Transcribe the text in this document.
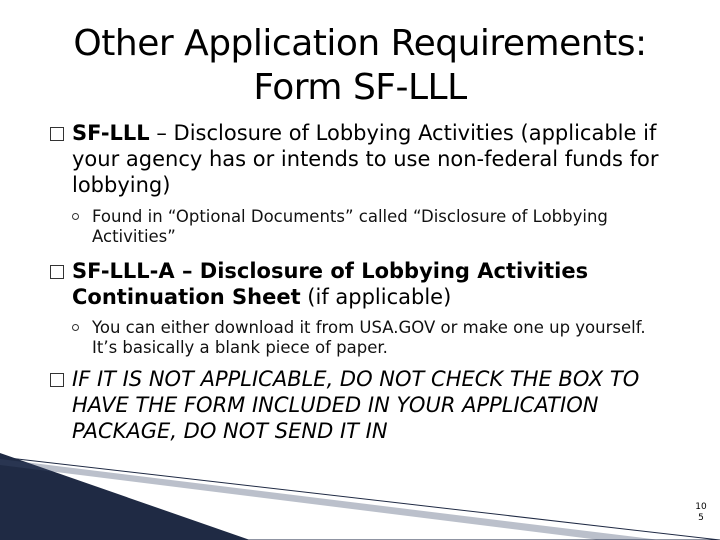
Other Application Requirements:
Form SF-LLL
SF-LLL – Disclosure of Lobbying Activities (applicable if your agency has or intends to use non-federal funds for lobbying)
Found in “Optional Documents” called “Disclosure of Lobbying Activities”
SF-LLL-A – Disclosure of Lobbying Activities Continuation Sheet (if applicable)
You can either download it from USA.GOV or make one up yourself. It’s basically a blank piece of paper.
IF IT IS NOT APPLICABLE, DO NOT CHECK THE BOX TO HAVE THE FORM INCLUDED IN YOUR APPLICATION PACKAGE, DO NOT SEND IT IN
105
